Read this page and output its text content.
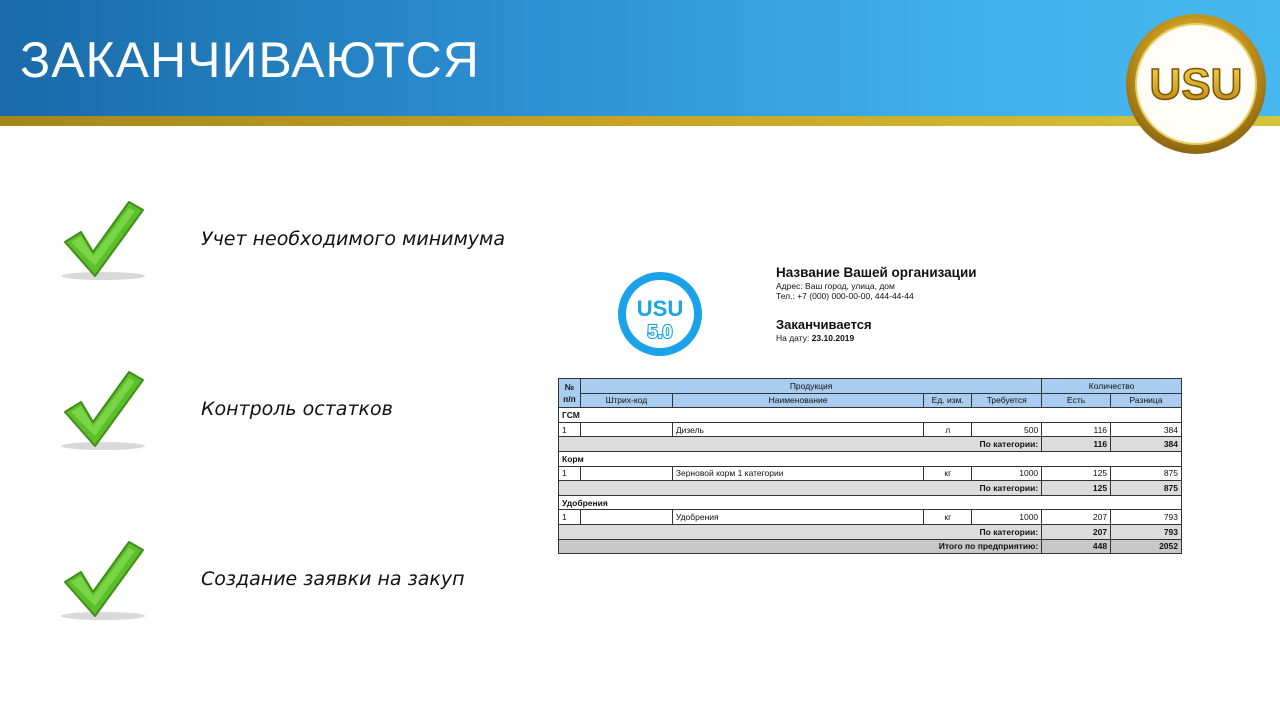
ЗАКАНЧИВАЮТСЯ	USU
Учет необходимого минимума
Контроль остатков
Создание заявки на закуп
USU
5.0
Название Вашей организации
Адрес: Ваш город, улица, дом
Тел.: +7 (000) 000-00-00, 444-44-44
Заканчивается
На дату: 23.10.2019
№ п/п	Продукция				Количество	
	Штрих-код	Наименование	Ед. изм.	Требуется	Есть	Разница
ГСМ						
1		Дизель	л	500	116	384
По категории:					116	384
Корм						
1		Зерновой корм 1 категории	кг	1000	125	875
По категории:					125	875
Удобрения						
1		Удобрения	кг	1000	207	793
По категории:					207	793
Итого по предприятию:					448	2052
